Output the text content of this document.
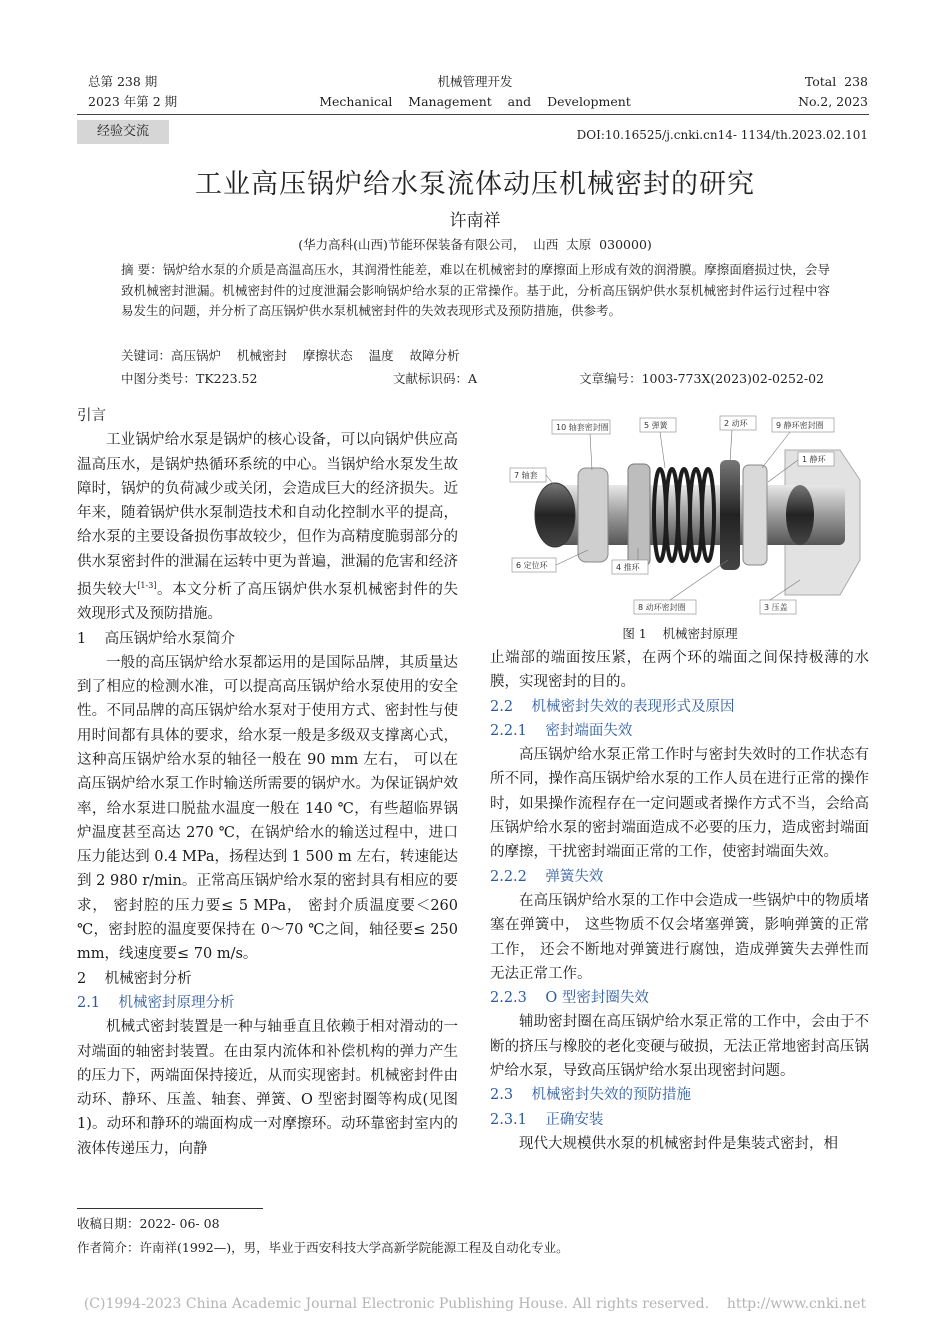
总第 238 期
2023 年第 2 期
机械管理开发
Mechanical    Management    and    Development
Total  238
No.2, 2023
经验交流	DOI:10.16525/j.cnki.cn14- 1134/th.2023.02.101
工业高压锅炉给水泵流体动压机械密封的研究
许南祥
(华力高科(山西)节能环保装备有限公司，  山西  太原  030000)
摘 要：锅炉给水泵的介质是高温高压水，其润滑性能差，难以在机械密封的摩擦面上形成有效的润滑膜。摩擦面磨损过快，会导致机械密封泄漏。机械密封件的过度泄漏会影响锅炉给水泵的正常操作。基于此，分析高压锅炉供水泵机械密封件运行过程中容易发生的问题，并分析了高压锅炉供水泵机械密封件的失效表现形式及预防措施，供参考。
关键词：高压锅炉    机械密封    摩擦状态    温度    故障分析
中图分类号：TK223.52	文献标识码：A	文章编号：1003-773X(2023)02-0252-02

引言

工业锅炉给水泵是锅炉的核心设备，可以向锅炉供应高温高压水，是锅炉热循环系统的中心。当锅炉给水泵发生故障时，锅炉的负荷减少或关闭，会造成巨大的经济损失。近年来，随着锅炉供水泵制造技术和自动化控制水平的提高，给水泵的主要设备损伤事故较少，但作为高精度脆弱部分的供水泵密封件的泄漏在运转中更为普遍，泄漏的危害和经济损失较大[1-3]。本文分析了高压锅炉供水泵机械密封件的失效现形式及预防措施。

1    高压锅炉给水泵简介

一般的高压锅炉给水泵都运用的是国际品牌，其质量达到了相应的检测水准，可以提高高压锅炉给水泵使用的安全性。不同品牌的高压锅炉给水泵对于使用方式、密封性与使用时间都有具体的要求，给水泵一般是多级双支撑离心式，这种高压锅炉给水泵的轴径一般在 90 mm 左右， 可以在高压锅炉给水泵工作时输送所需要的锅炉水。为保证锅炉效率，给水泵进口脱盐水温度一般在 140 ℃，有些超临界锅炉温度甚至高达 270 ℃，在锅炉给水的输送过程中，进口压力能达到 0.4 MPa，扬程达到 1 500 m 左右，转速能达到 2 980 r/min。正常高压锅炉给水泵的密封具有相应的要求， 密封腔的压力要≤ 5 MPa， 密封介质温度要＜260 ℃，密封腔的温度要保持在 0～70 ℃之间，轴径要≤ 250 mm，线速度要≤ 70 m/s。

2    机械密封分析

2.1    机械密封原理分析

机械式密封装置是一种与轴垂直且依赖于相对滑动的一对端面的轴密封装置。在由泵内流体和补偿机构的弹力产生的压力下，两端面保持接近，从而实现密封。机械密封件由动环、静环、压盖、轴套、弹簧、O 型密封圈等构成(见图 1)。动环和静环的端面构成一对摩擦环。动环靠密封室内的液体传递压力，向静

10 轴套密封圈	5 弹簧	2 动环	9 静环密封圈
1 静环
7 轴套
6 定位环	4 推环
8 动环密封圈	3 压盖
图 1    机械密封原理

止端部的端面按压紧，在两个环的端面之间保持极薄的水膜，实现密封的目的。

2.2    机械密封失效的表现形式及原因

2.2.1    密封端面失效

高压锅炉给水泵正常工作时与密封失效时的工作状态有所不同，操作高压锅炉给水泵的工作人员在进行正常的操作时，如果操作流程存在一定问题或者操作方式不当，会给高压锅炉给水泵的密封端面造成不必要的压力，造成密封端面的摩擦，干扰密封端面正常的工作，使密封端面失效。

2.2.2    弹簧失效

在高压锅炉给水泵的工作中会造成一些锅炉中的物质堵塞在弹簧中， 这些物质不仅会堵塞弹簧，影响弹簧的正常工作， 还会不断地对弹簧进行腐蚀，造成弹簧失去弹性而无法正常工作。

2.2.3    O 型密封圈失效

辅助密封圈在高压锅炉给水泵正常的工作中，会由于不断的挤压与橡胶的老化变硬与破损，无法正常地密封高压锅炉给水泵，导致高压锅炉给水泵出现密封问题。

2.3    机械密封失效的预防措施

2.3.1    正确安装

现代大规模供水泵的机械密封件是集装式密封，相

收稿日期：2022- 06- 08
作者简介：许南祥(1992—)，男，毕业于西安科技大学高新学院能源工程及自动化专业。
(C)1994-2023 China Academic Journal Electronic Publishing House. All rights reserved.    http://www.cnki.net
